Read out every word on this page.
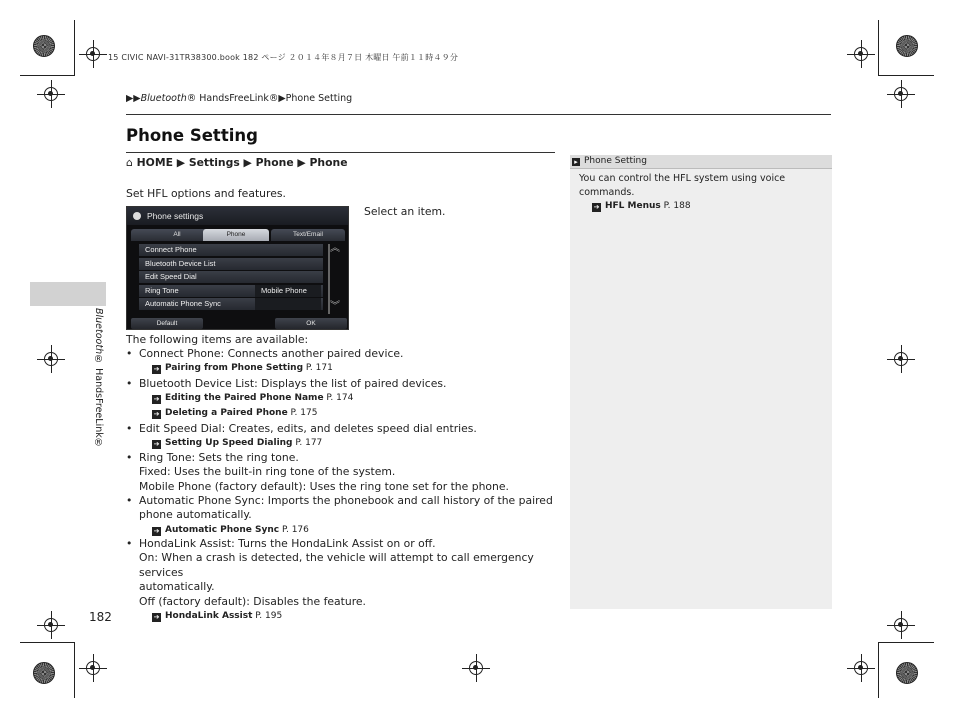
15 CIVIC NAVI-31TR38300.book 182 ページ ２０１４年８月７日 木曜日 午前１１時４９分
▶▶Bluetooth® HandsFreeLink®▶Phone Setting
Phone Setting
⌂ HOME ▶ Settings ▶ Phone ▶ Phone
Set HFL options and features.
Phone settings
All	Phone	Text/Email
Connect Phone
Bluetooth Device List
Edit Speed Dial
Ring Tone	Mobile Phone
Automatic Phone Sync
︽
︾
Default	OK
Select an item.
The following items are available:
• Connect Phone: Connects another paired device.
➔ Pairing from Phone Setting P. 171
• Bluetooth Device List: Displays the list of paired devices.
➔ Editing the Paired Phone Name P. 174
➔ Deleting a Paired Phone P. 175
• Edit Speed Dial: Creates, edits, and deletes speed dial entries.
➔ Setting Up Speed Dialing P. 177
• Ring Tone: Sets the ring tone.
Fixed: Uses the built-in ring tone of the system.
Mobile Phone (factory default): Uses the ring tone set for the phone.
• Automatic Phone Sync: Imports the phonebook and call history of the paired
phone automatically.
➔ Automatic Phone Sync P. 176
• HondaLink Assist: Turns the HondaLink Assist on or off.
On: When a crash is detected, the vehicle will attempt to call emergency services
automatically.
Off (factory default): Disables the feature.
➔ HondaLink Assist P. 195
▸ Phone Setting
You can control the HFL system using voice
commands.
➔ HFL Menus P. 188
Bluetooth® HandsFreeLink®
182
